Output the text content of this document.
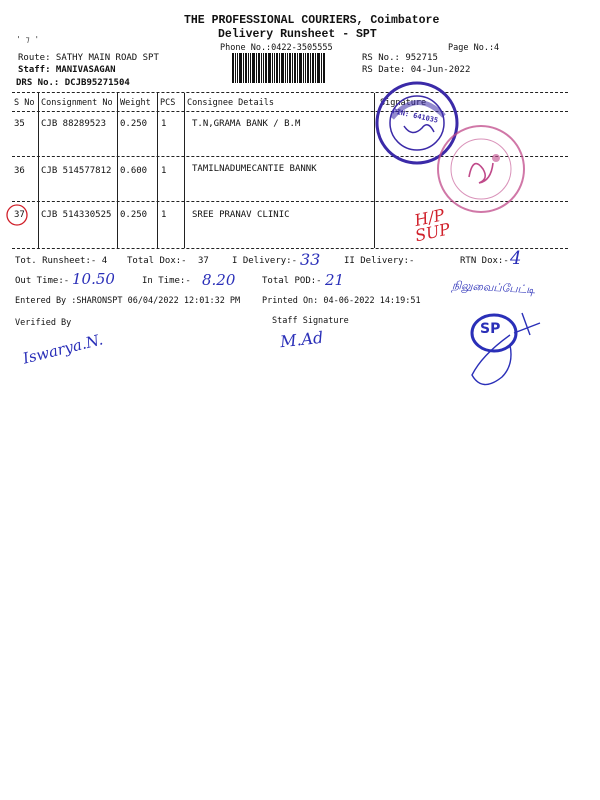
THE PROFESSIONAL COURIERS, Coimbatore
Delivery Runsheet - SPT
Phone No.:0422-3505555	Page No.:4
' ⁊ '
Route: SATHY MAIN ROAD SPT
Staff: MANIVASAGAN
DRS No.: DCJB95271504
RS No.: 952715
RS Date: 04-Jun-2022
S No Consignment No Weight PCS Consignee Details	Signature
35 CJB 88289523 0.250 1	T.N,GRAMA BANK / B.M
36 CJB 514577812 0.600 1	TAMILNADUMECANTIE BANNK
37 CJB 514330525 0.250 1	SREE PRANAV CLINIC
PIN: 641035
H/P SUP
Tot. Runsheet:- 4 Total Dox:- 37	I Delivery:- 33	II Delivery:-	RTN Dox:- 4
Out Time:- 10.50	In Time:- 8.20	Total POD:- 21	நிலுவைப்பேட்டி
Entered By :SHARONSPT 06/04/2022 12:01:32 PM	Printed On: 04-06-2022 14:19:51
Verified By	Staff Signature
Iswarya.N.	M.Ad	SP
